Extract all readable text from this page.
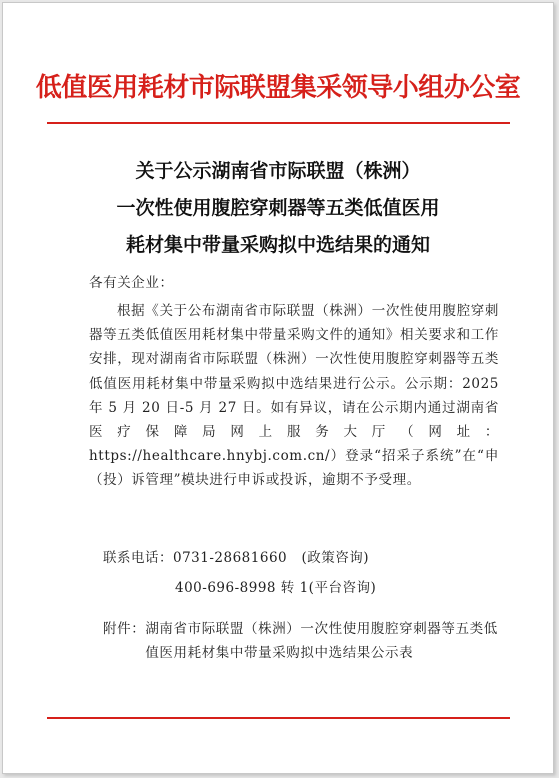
低值医用耗材市际联盟集采领导小组办公室
关于公示湖南省市际联盟（株洲）
一次性使用腹腔穿刺器等五类低值医用
耗材集中带量采购拟中选结果的通知
各有关企业：
根据《关于公布湖南省市际联盟（株洲）一次性使用腹腔穿刺器等五类低值医用耗材集中带量采购文件的通知》相关要求和工作安排，现对湖南省市际联盟（株洲）一次性使用腹腔穿刺器等五类低值医用耗材集中带量采购拟中选结果进行公示。公示期：2025 年 5 月 20 日-5 月 27 日。如有异议，请在公示期内通过湖南省医疗保障局网上服务大厅（网址：https://healthcare.hnybj.com.cn/）登录“招采子系统”在“申（投）诉管理”模块进行申诉或投诉，逾期不予受理。
联系电话：0731-28681660   (政策咨询)
400-696-8998 转 1(平台咨询)
附件： 湖南省市际联盟（株洲）一次性使用腹腔穿刺器等五类低值医用耗材集中带量采购拟中选结果公示表
